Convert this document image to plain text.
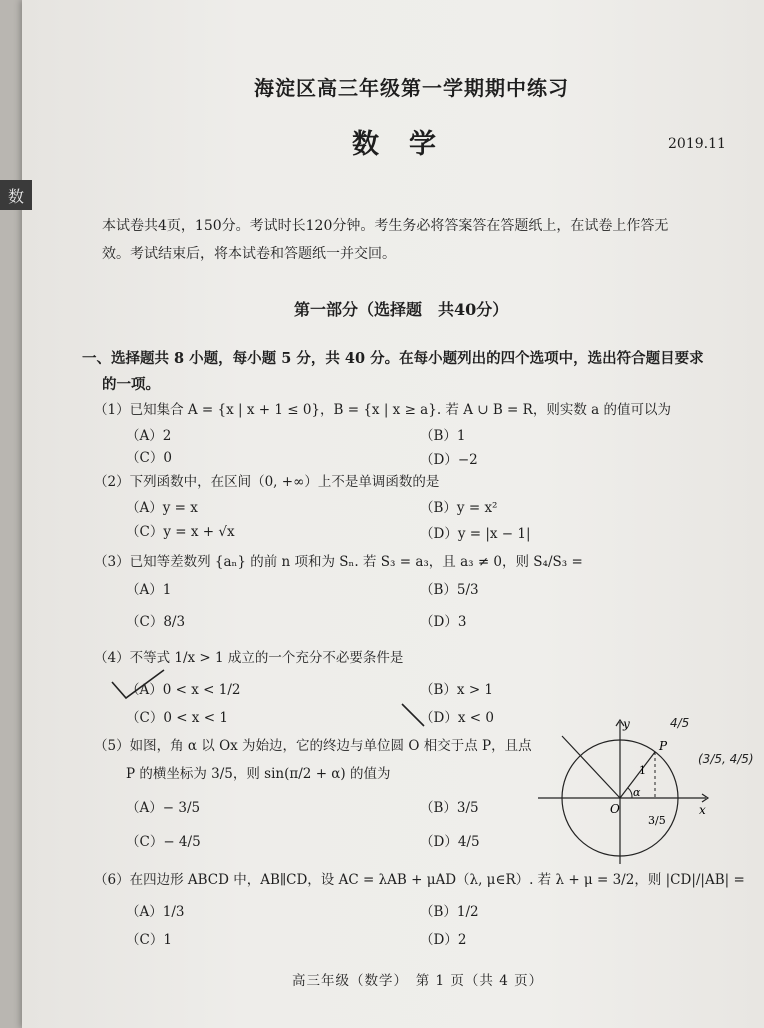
海淀区高三年级第一学期期中练习
数学	2019.11
本试卷共4页，150分。考试时长120分钟。考生务必将答案答在答题纸上，在试卷上作答无
效。考试结束后，将本试卷和答题纸一并交回。
第一部分（选择题　共40分）
一、选择题共 8 小题，每小题 5 分，共 40 分。在每小题列出的四个选项中，选出符合题目要求
的一项。
（1）已知集合 A = {x | x + 1 ≤ 0}，B = {x | x ≥ a}. 若 A ∪ B = R，则实数 a 的值可以为
（A）2	（B）1
（C）0	（D）−2
（2）下列函数中，在区间（0, +∞）上不是单调函数的是
（A）y = x	（B）y = x²
（C）y = x + √x	（D）y = |x − 1|
（3）已知等差数列 {aₙ} 的前 n 项和为 Sₙ. 若 S₃ = a₃，且 a₃ ≠ 0，则 S₄/S₃ =
（A）1	（B）5/3
（C）8/3	（D）3
（4）不等式 1/x > 1 成立的一个充分不必要条件是
（A）0 < x < 1/2	（B）x > 1
（C）0 < x < 1	（D）x < 0
（5）如图，角 α 以 Ox 为始边，它的终边与单位圆 O 相交于点 P，且点
P 的横坐标为 3/5，则 sin(π/2 + α) 的值为
（A）− 3/5	（B）3/5
（C）− 4/5	（D）4/5
y
x
O
P
α
1
3/5
4/5
(3/5, 4/5)
（6）在四边形 ABCD 中，AB∥CD，设 AC = λAB + μAD（λ, μ∈R）. 若 λ + μ = 3/2，则 |CD|/|AB| =
（A）1/3	（B）1/2
（C）1	（D）2
高三年级（数学）　第 1 页（共 4 页）
数
